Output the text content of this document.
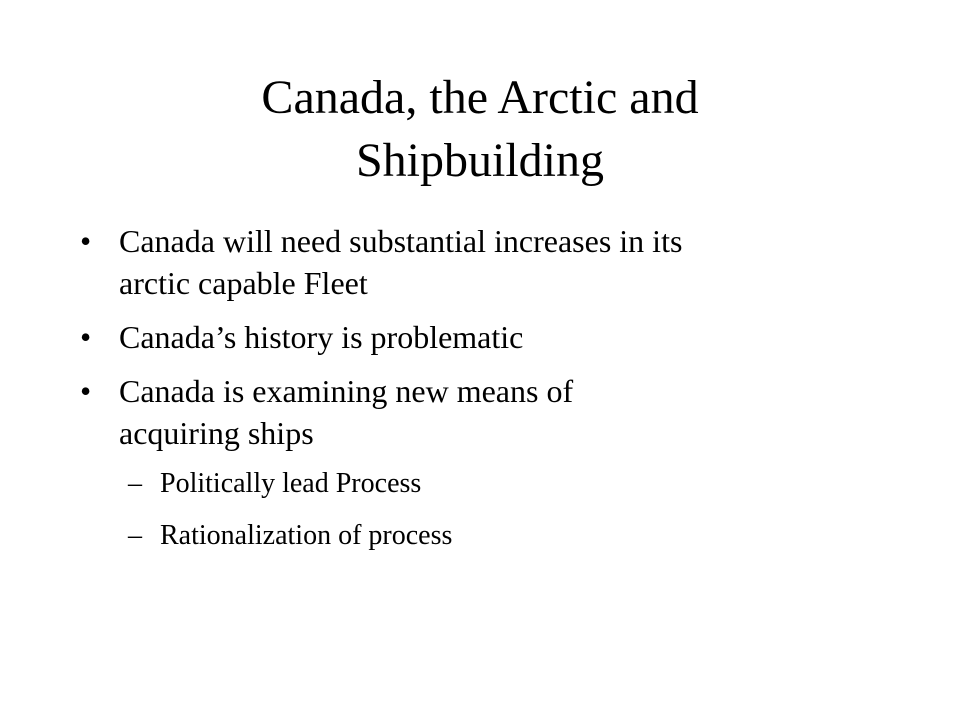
Canada, the Arctic and
Shipbuilding
• Canada will need substantial increases in its
arctic capable Fleet
• Canada’s history is problematic
• Canada is examining new means of
acquiring ships
– Politically lead Process
– Rationalization of process
